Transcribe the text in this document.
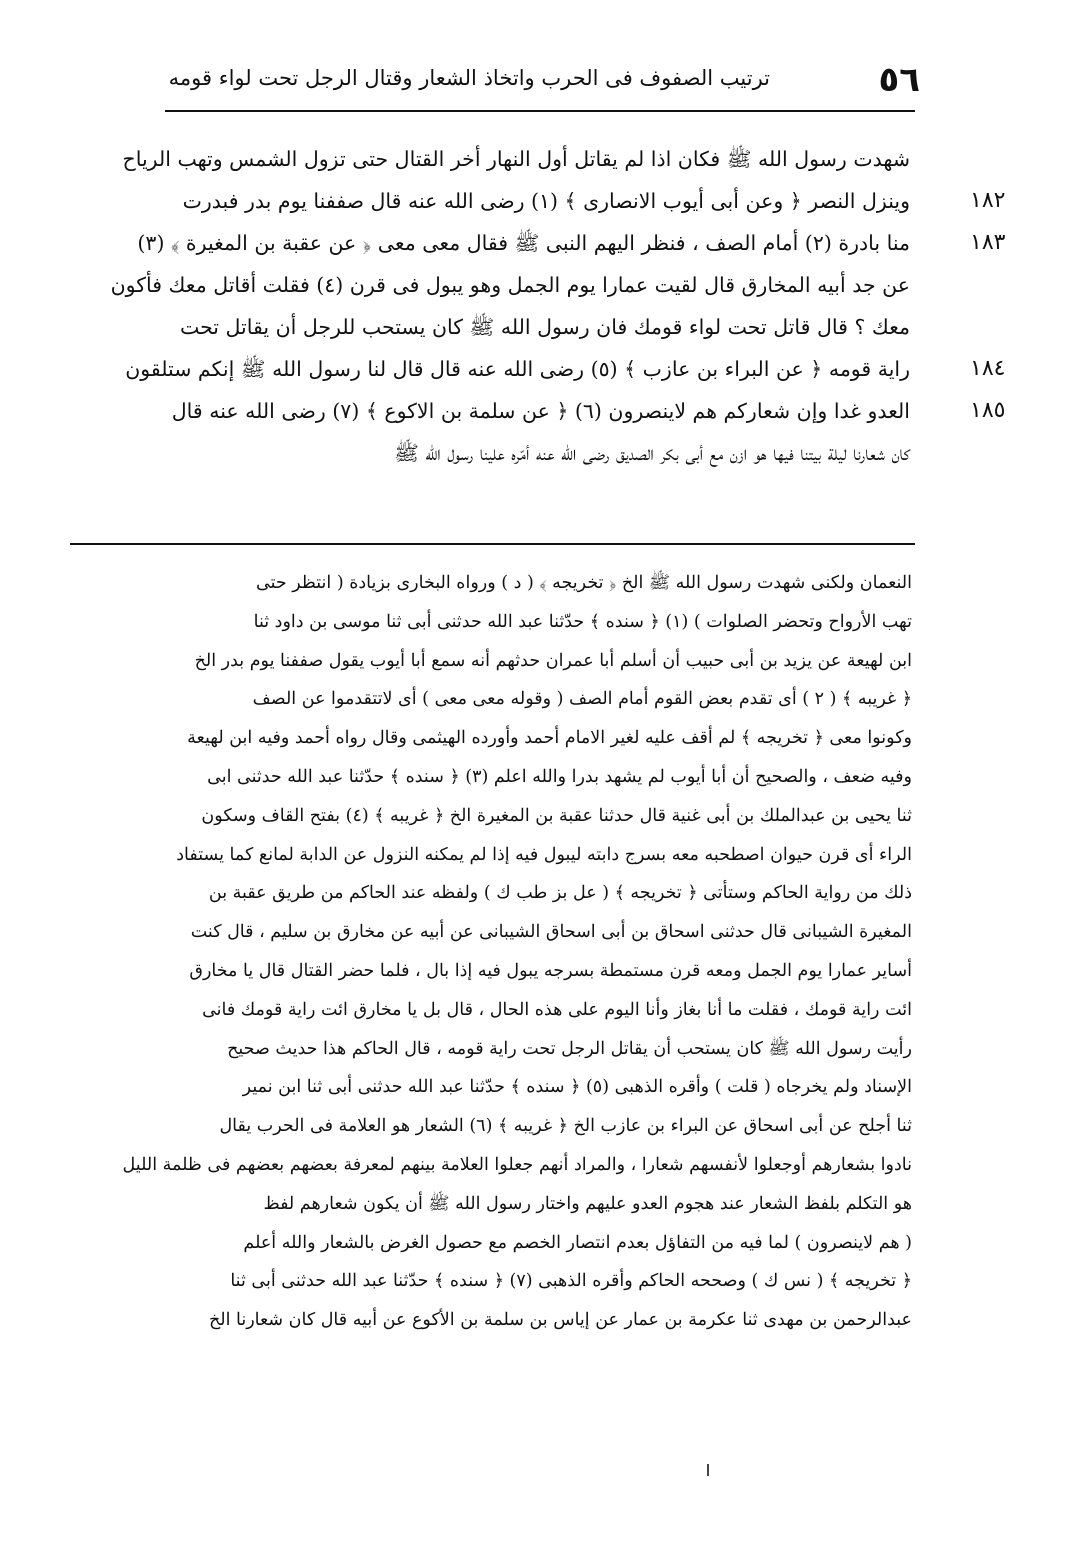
٥٦
ترتيب الصفوف فى الحرب واتخاذ الشعار وقتال الرجل تحت لواء قومه
شهدت رسول الله ﷺ فكان اذا لم يقاتل أول النهار أخر القتال حتى تزول الشمس وتهب الرياح
١٨٢
وينزل النصر ﴿ وعن أبى أيوب الانصارى ﴾ (١) رضى الله عنه قال صففنا يوم بدر فبدرت
١٨٣
منا بادرة (٢) أمام الصف ، فنظر اليهم النبى ﷺ فقال معى معى ﴿ عن عقبة بن المغيرة ﴾ (٣)
عن جد أبيه المخارق قال لقيت عمارا يوم الجمل وهو يبول فى قرن (٤) فقلت أقاتل معك فأكون
معك ؟ قال قاتل تحت لواء قومك فان رسول الله ﷺ كان يستحب للرجل أن يقاتل تحت
١٨٤
راية قومه ﴿ عن البراء بن عازب ﴾ (٥) رضى الله عنه قال قال لنا رسول الله ﷺ إنكم ستلقون
١٨٥
العدو غدا وإن شعاركم هم لاينصرون (٦) ﴿ عن سلمة بن الاكوع ﴾ (٧) رضى الله عنه قال
كان شعارنا ليلة بيتنا فيها هو ازن مع أبى بكر الصديق رضى الله عنه أمّره علينا رسول الله ﷺ
النعمان ولكنى شهدت رسول الله ﷺ الخ ﴿ تخريجه ﴾ ( د ) ورواه البخارى بزيادة ( انتظر حتى
تهب الأرواح وتحضر الصلوات ) (١) ﴿ سنده ﴾ حدّثنا عبد الله حدثنى أبى ثنا موسى بن داود ثنا
ابن لهيعة عن يزيد بن أبى حبيب أن أسلم أبا عمران حدثهم أنه سمع أبا أيوب يقول صففنا يوم بدر الخ
﴿ غريبه ﴾ ( ٢ ) أى تقدم بعض القوم أمام الصف ( وقوله معى معى ) أى لاتتقدموا عن الصف
وكونوا معى ﴿ تخريجه ﴾ لم أقف عليه لغير الامام أحمد وأورده الهيثمى وقال رواه أحمد وفيه ابن لهيعة
وفيه ضعف ، والصحيح أن أبا أيوب لم يشهد بدرا والله اعلم (٣) ﴿ سنده ﴾ حدّثنا عبد الله حدثنى ابى
ثنا يحيى بن عبدالملك بن أبى غنية قال حدثنا عقبة بن المغيرة الخ ﴿ غريبه ﴾ (٤) بفتح القاف وسكون
الراء أى قرن حيوان اصطحبه معه بسرج دابته ليبول فيه إذا لم يمكنه النزول عن الدابة لمانع كما يستفاد
ذلك من رواية الحاكم وستأتى ﴿ تخريجه ﴾ ( عل بز طب ك ) ولفظه عند الحاكم من طريق عقبة بن
المغيرة الشيبانى قال حدثنى اسحاق بن أبى اسحاق الشيبانى عن أبيه عن مخارق بن سليم ، قال كنت
أساير عمارا يوم الجمل ومعه قرن مستمطة بسرجه يبول فيه إذا بال ، فلما حضر القتال قال يا مخارق
ائت راية قومك ، فقلت ما أنا بغاز وأنا اليوم على هذه الحال ، قال بل يا مخارق ائت راية قومك فانى
رأيت رسول الله ﷺ كان يستحب أن يقاتل الرجل تحت راية قومه ، قال الحاكم هذا حديث صحيح
الإسناد ولم يخرجاه ( قلت ) وأقره الذهبى (٥) ﴿ سنده ﴾ حدّثنا عبد الله حدثنى أبى ثنا ابن نمير
ثنا أجلح عن أبى اسحاق عن البراء بن عازب الخ ﴿ غريبه ﴾ (٦) الشعار هو العلامة فى الحرب يقال
نادوا بشعارهم أوجعلوا لأنفسهم شعارا ، والمراد أنهم جعلوا العلامة بينهم لمعرفة بعضهم بعضهم فى ظلمة الليل
هو التكلم بلفظ الشعار عند هجوم العدو عليهم واختار رسول الله ﷺ أن يكون شعارهم لفظ
( هم لاينصرون ) لما فيه من التفاؤل بعدم انتصار الخصم مع حصول الغرض بالشعار والله أعلم
﴿ تخريجه ﴾ ( نس ك ) وصححه الحاكم وأقره الذهبى (٧) ﴿ سنده ﴾ حدّثنا عبد الله حدثنى أبى ثنا
عبدالرحمن بن مهدى ثنا عكرمة بن عمار عن إياس بن سلمة بن الأكوع عن أبيه قال كان شعارنا الخ
